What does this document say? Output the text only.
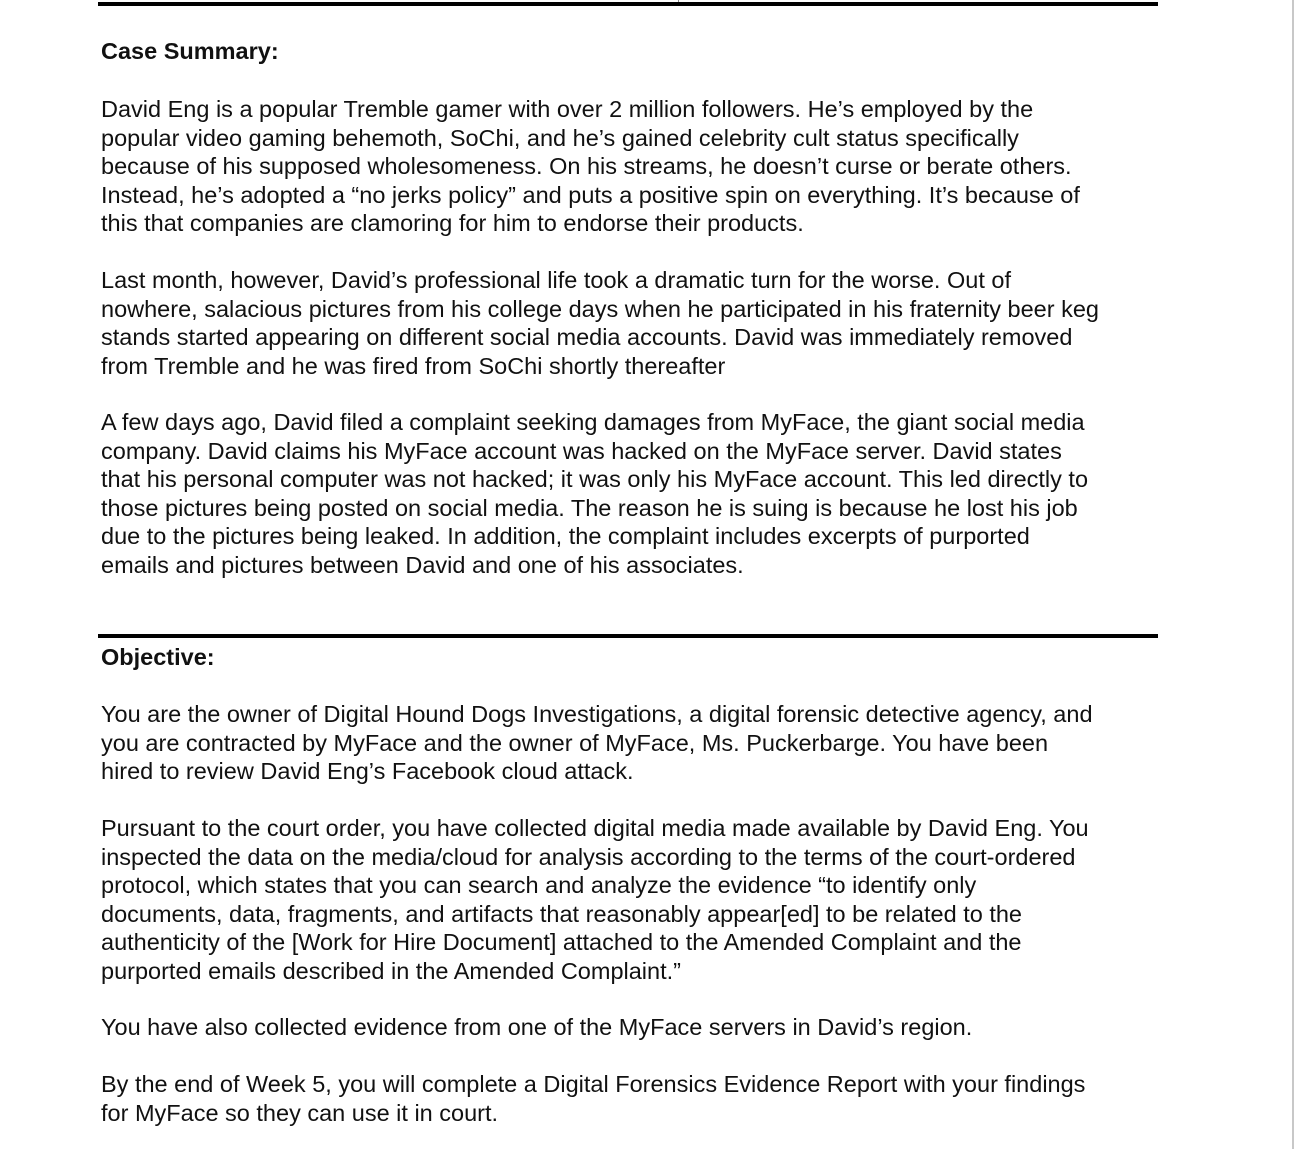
Case Summary:

David Eng is a popular Tremble gamer with over 2 million followers. He’s employed by the
popular video gaming behemoth, SoChi, and he’s gained celebrity cult status specifically
because of his supposed wholesomeness. On his streams, he doesn’t curse or berate others.
Instead, he’s adopted a “no jerks policy” and puts a positive spin on everything. It’s because of
this that companies are clamoring for him to endorse their products.

Last month, however, David’s professional life took a dramatic turn for the worse. Out of
nowhere, salacious pictures from his college days when he participated in his fraternity beer keg
stands started appearing on different social media accounts. David was immediately removed
from Tremble and he was fired from SoChi shortly thereafter

A few days ago, David filed a complaint seeking damages from MyFace, the giant social media
company. David claims his MyFace account was hacked on the MyFace server. David states
that his personal computer was not hacked; it was only his MyFace account. This led directly to
those pictures being posted on social media. The reason he is suing is because he lost his job
due to the pictures being leaked. In addition, the complaint includes excerpts of purported
emails and pictures between David and one of his associates.

Objective:

You are the owner of Digital Hound Dogs Investigations, a digital forensic detective agency, and
you are contracted by MyFace and the owner of MyFace, Ms. Puckerbarge. You have been
hired to review David Eng’s Facebook cloud attack.

Pursuant to the court order, you have collected digital media made available by David Eng. You
inspected the data on the media/cloud for analysis according to the terms of the court-ordered
protocol, which states that you can search and analyze the evidence “to identify only
documents, data, fragments, and artifacts that reasonably appear[ed] to be related to the
authenticity of the [Work for Hire Document] attached to the Amended Complaint and the
purported emails described in the Amended Complaint.”

You have also collected evidence from one of the MyFace servers in David’s region.

By the end of Week 5, you will complete a Digital Forensics Evidence Report with your findings
for MyFace so they can use it in court.
